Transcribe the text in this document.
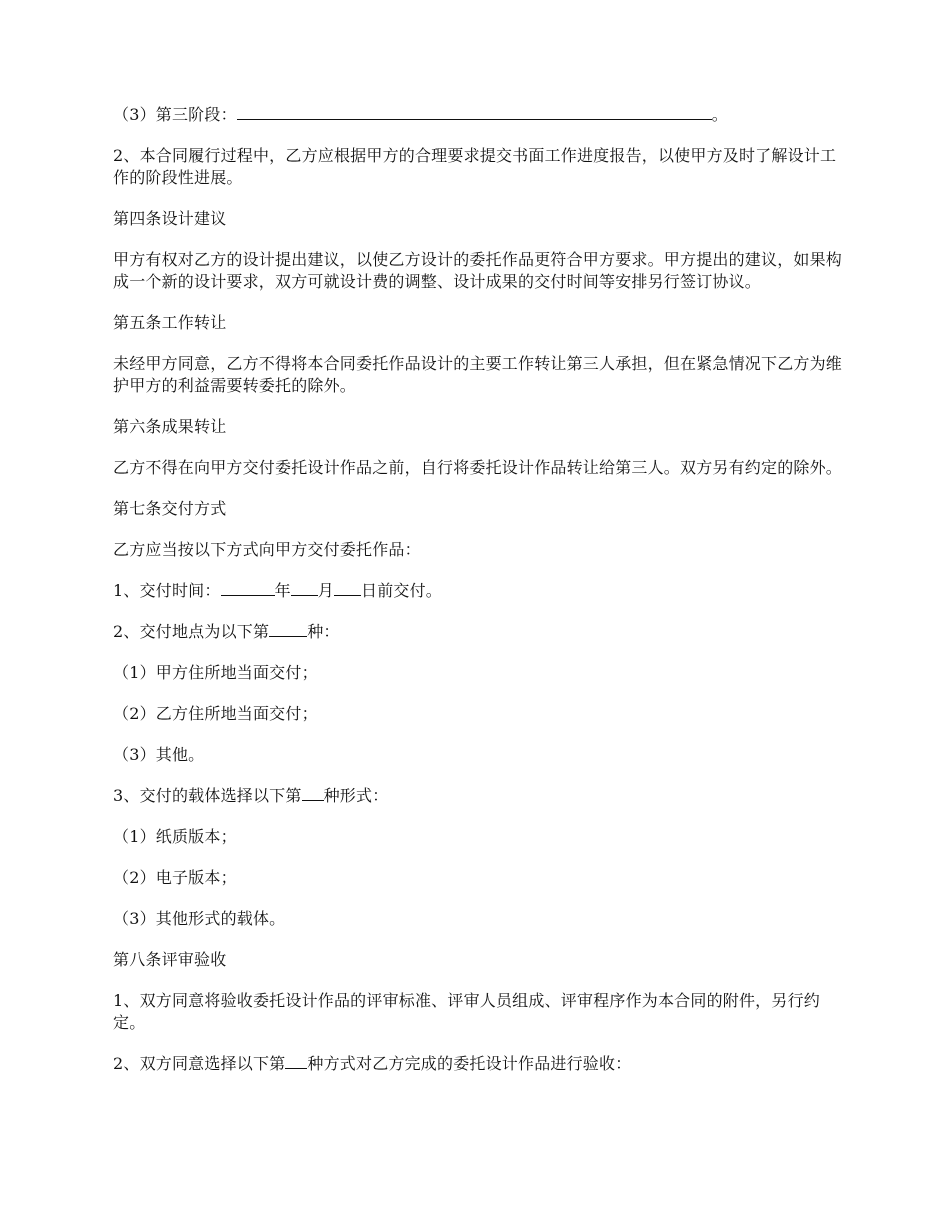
（3）第三阶段：	。

2、本合同履行过程中，乙方应根据甲方的合理要求提交书面工作进度报告，以使甲方及时了解设计工作的阶段性进展。

第四条设计建议

甲方有权对乙方的设计提出建议，以使乙方设计的委托作品更符合甲方要求。甲方提出的建议，如果构成一个新的设计要求，双方可就设计费的调整、设计成果的交付时间等安排另行签订协议。

第五条工作转让

未经甲方同意，乙方不得将本合同委托作品设计的主要工作转让第三人承担，但在紧急情况下乙方为维护甲方的利益需要转委托的除外。

第六条成果转让

乙方不得在向甲方交付委托设计作品之前，自行将委托设计作品转让给第三人。双方另有约定的除外。

第七条交付方式

乙方应当按以下方式向甲方交付委托作品：

1、交付时间：	年 月 日前交付。

2、交付地点为以下第 种：

（1）甲方住所地当面交付；

（2）乙方住所地当面交付；

（3）其他。

3、交付的载体选择以下第 种形式：

（1）纸质版本；

（2）电子版本；

（3）其他形式的载体。

第八条评审验收

1、双方同意将验收委托设计作品的评审标准、评审人员组成、评审程序作为本合同的附件，另行约定。

2、双方同意选择以下第 种方式对乙方完成的委托设计作品进行验收：
